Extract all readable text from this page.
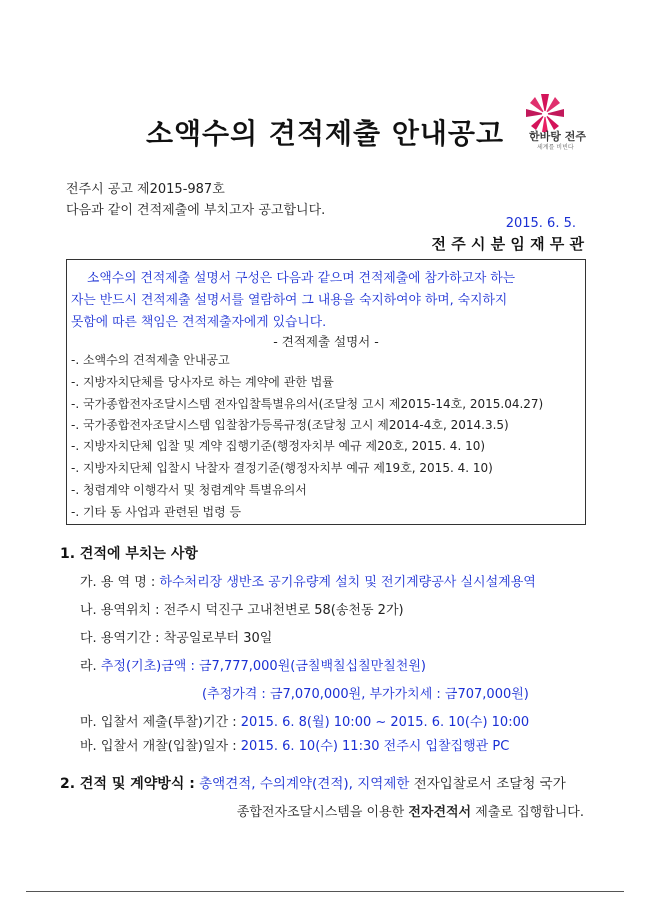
소액수의 견적제출 안내공고	한바탕 전주
세계를 비빈다
전주시 공고 제2015-987호
다음과 같이 견적제출에 부치고자 공고합니다.
2015. 6. 5.
전 주 시 분 임 재 무 관
소액수의 견적제출 설명서 구성은 다음과 같으며 견적제출에 참가하고자 하는
자는 반드시 견적제출 설명서를 열람하여 그 내용을 숙지하여야 하며, 숙지하지
못함에 따른 책임은 견적제출자에게 있습니다.
- 견적제출 설명서 -
-. 소액수의 견적제출 안내공고
-. 지방자치단체를 당사자로 하는 계약에 관한 법률
-. 국가종합전자조달시스템 전자입찰특별유의서(조달청 고시 제2015-14호, 2015.04.27)
-. 국가종합전자조달시스템 입찰참가등록규정(조달청 고시 제2014-4호, 2014.3.5)
-. 지방자치단체 입찰 및 계약 집행기준(행정자치부 예규 제20호, 2015. 4. 10)
-. 지방자치단체 입찰시 낙찰자 결정기준(행정자치부 예규 제19호, 2015. 4. 10)
-. 청렴계약 이행각서 및 청렴계약 특별유의서
-. 기타 동 사업과 관련된 법령 등
1. 견적에 부치는 사항
가. 용 역 명 : 하수처리장 생반조 공기유량계 설치 및 전기계량공사 실시설계용역
나. 용역위치 : 전주시 덕진구 고내천변로 58(송천동 2가)
다. 용역기간 : 착공일로부터 30일
라. 추정(기초)금액 : 금7,777,000원(금칠백칠십칠만칠천원)
(추정가격 : 금7,070,000원, 부가가치세 : 금707,000원)
마. 입찰서 제출(투찰)기간 : 2015. 6. 8(월) 10:00 ~ 2015. 6. 10(수) 10:00
바. 입찰서 개찰(입찰)일자 : 2015. 6. 10(수) 11:30 전주시 입찰집행관 PC
2. 견적 및 계약방식 : 총액견적, 수의계약(견적), 지역제한 전자입찰로서 조달청 국가
종합전자조달시스템을 이용한 전자견적서 제출로 집행합니다.
